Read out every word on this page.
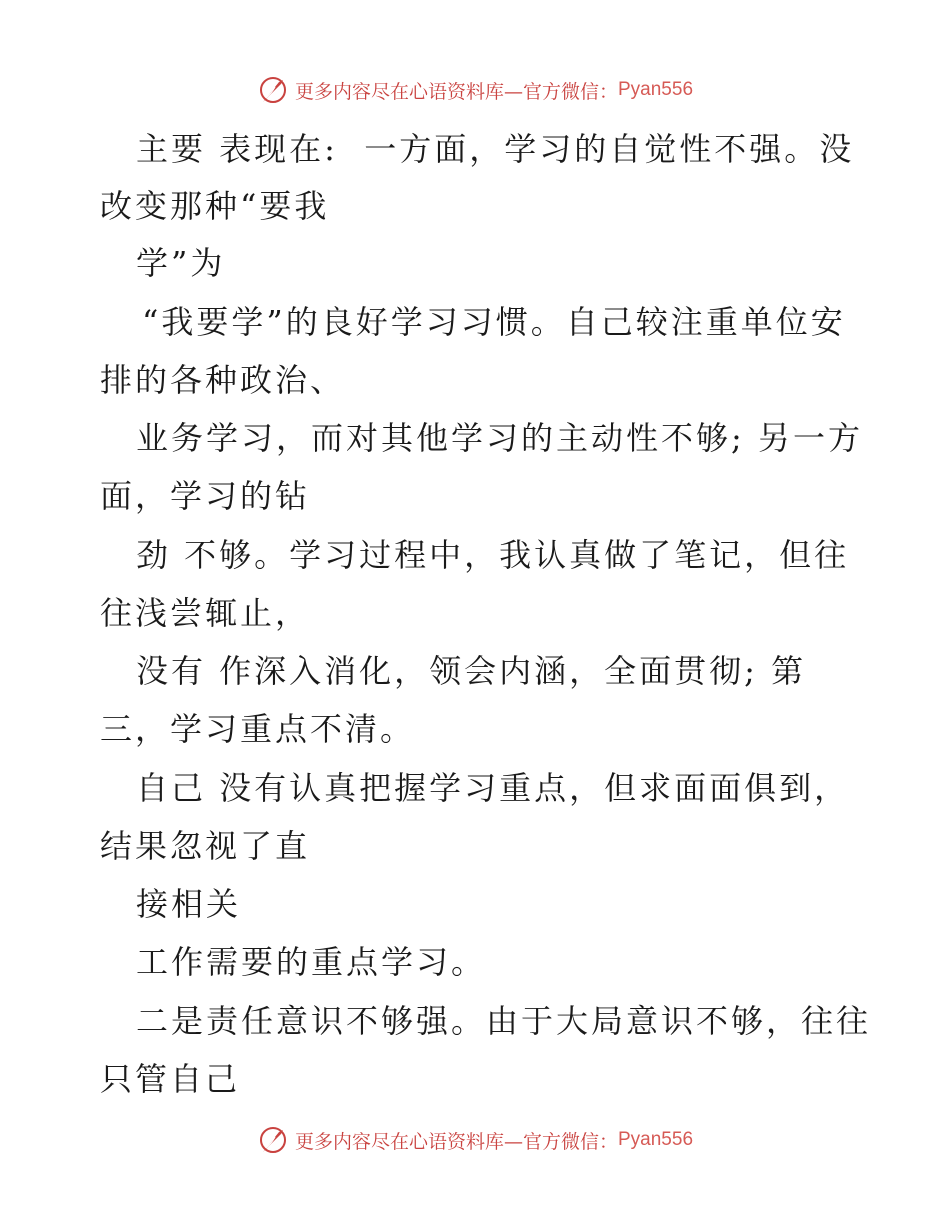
更多内容尽在心语资料库—官方微信： Pyan556
主要 表现在:  一方面，学习的自觉性不强。没
改变那种“要我
学”为
“我要学”的良好学习习惯。自己较注重单位安
排的各种政治、
业务学习，而对其他学习的主动性不够; 另一方
面，学习的钻
劲 不够。学习过程中，我认真做了笔记，但往
往浅尝辄止，
没有 作深入消化，领会内涵，全面贯彻; 第
三，学习重点不清。
自己 没有认真把握学习重点，但求面面俱到，
结果忽视了直
接相关
工作需要的重点学习。
二是责任意识不够强。由于大局意识不够，往往
只管自己
更多内容尽在心语资料库—官方微信： Pyan556
